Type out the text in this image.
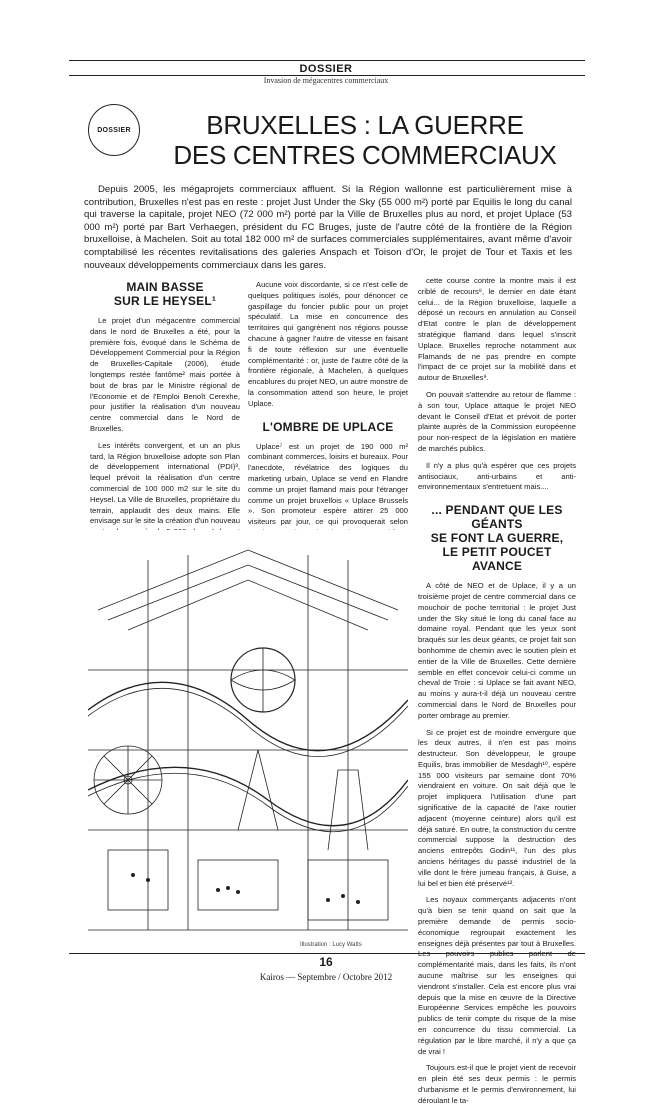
DOSSIER
Invasion de mégacentres commerciaux
DOSSIER	BRUXELLES : LA GUERRE
DES CENTRES COMMERCIAUX

Depuis 2005, les mégaprojets commerciaux affluent. Si la Région wallonne est particulièrement mise à contribution, Bruxelles n'est pas en reste : projet Just Under the Sky (55 000 m²) porté par Equilis le long du canal qui traverse la capitale, projet NEO (72 000 m²) porté par la Ville de Bruxelles plus au nord, et projet Uplace (53 000 m²) porté par Bart Verhaegen, président du FC Bruges, juste de l'autre côté de la frontière de la Région bruxelloise, à Machelen. Soit au total 182 000 m² de surfaces commerciales supplémentaires, avant même d'avoir comptabilisé les récentes revitalisations des galeries Anspach et Toison d'Or, le projet de Tour et Taxis et les nouveaux développements commerciaux dans les gares.

MAIN BASSE
SUR LE HEYSEL¹

Le projet d'un mégacentre commercial dans le nord de Bruxelles a été, pour la première fois, évoqué dans le Schéma de Développement Commercial pour la Région de Bruxelles-Capitale (2006), étude longtemps restée fantôme² mais portée à bout de bras par le Ministre régional de l'Economie et de l'Emploi Benoît Cerexhe, pour justifier la réalisation d'un nouveau centre commercial dans le Nord de Bruxelles.

Les intérêts convergent, et un an plus tard, la Région bruxelloise adopte son Plan de développement international (PDI)³, lequel prévoit la réalisation d'un centre commercial de 100 000 m2 sur le site du Heysel. La Ville de Bruxelles, propriétaire du terrain, applaudit des deux mains. Elle envisage sur le site la création d'un nouveau

Aucune voix discordante, si ce n'est celle de quelques politiques isolés, pour dénoncer ce gaspillage du foncier public pour un projet spéculatif. La mise en concurrence des territoires qui gangrènent nos régions pousse chacune à gagner l'autre de vitesse en faisant fi de toute réflexion sur une éventuelle complémentarité : or, juste de l'autre côté de la frontière régionale, à Machelen, à quelques encablures du projet NEO, un autre monstre de la consommation attend son heure, le projet Uplace.

L'OMBRE DE UPLACE

Uplace⁷ est un projet de 190 000 m² combinant commerces, loisirs et bureaux. Pour l'anecdote, révélatrice des logiques du marketing urbain, Uplace se vend en Flandre comme un projet flamand mais pour l'étranger comme un projet bruxellois « Uplace Brussels ». Son promoteur espère attirer 25 000 visiteurs par jour, ce qui provoquerait selon

cette course contre la montre mais il est criblé de recours⁸, le dernier en date étant celui... de la Région bruxelloise, laquelle a déposé un recours en annulation au Conseil d'Etat contre le plan de développement stratégique flamand dans lequel s'inscrit Uplace. Bruxelles reproche notamment aux Flamands de ne pas prendre en compte l'impact de ce projet sur la mobilité dans et autour de Bruxelles⁹.

On pouvait s'attendre au retour de flamme : à son tour, Uplace attaque le projet NEO devant le Conseil d'Etat et prévoit de porter plainte auprès de la Commission européenne pour non-respect de la législation en matière de marchés publics.

Il n'y a plus qu'à espérer que ces projets antisociaux, anti-urbains et anti-environnementaux s'entretuent mais....

... PENDANT QUE LES GÉANTS
SE FONT LA GUERRE,
LE PETIT POUCET AVANCE

A côté de NEO et de Uplace, il y a un troisième projet de centre commercial dans ce mouchoir de poche territorial : le projet Just under the Sky situé le long du canal face au domaine royal. Pendant que les yeux sont braqués sur les deux géants, ce projet fait son bonhomme de chemin avec le soutien plein et entier de la Ville de Bruxelles. Cette dernière semble en effet concevoir celui-ci comme un cheval de Troie : si Uplace se fait avant NEO, au moins y aura-t-il déjà un nouveau centre commercial dans le Nord de Bruxelles pour porter ombrage au premier.

Si ce projet est de moindre envergure que les deux autres, il n'en est pas moins destructeur. Son développeur, le groupe Equilis, bras immobilier de Mesdagh¹⁰, espère 155 000 visiteurs par semaine dont 70% viendraient en voiture. On sait déjà que le projet impliquera l'utilisation d'une part significative de la capacité de l'axe routier adjacent (moyenne ceinture) alors qu'il est déjà saturé. En outre, la construction du centre commercial suppose la destruction des anciens entrepôts Godin¹¹, l'un des plus anciens héritages du passé industriel de la ville dont le frère jumeau français, à Guise, a lui bel et bien été préservé¹².

Les noyaux commerçants adjacents n'ont qu'à bien se tenir quand on sait que la première demande de permis socio-économique regroupait exactement les enseignes déjà présentes par tout à Bruxelles. Les pouvoirs publics parlent de complémentarité mais, dans les faits, ils n'ont aucune maîtrise sur les enseignes qui viendront s'installer. Cela est encore plus vrai depuis que la mise en œuvre de la Directive Européenne Services empêche les pouvoirs publics de tenir compte du risque de la mise en concurrence du tissu commercial. La régulation par le libre marché, il n'y a que ça de vrai !

Toujours est-il que le projet vient de recevoir en plein été ses deux permis : le permis d'urbanisme et le permis d'environnement, lui déroulant le ta-

Illustration : Lucy Watts
16
Kairos — Septembre / Octobre 2012
